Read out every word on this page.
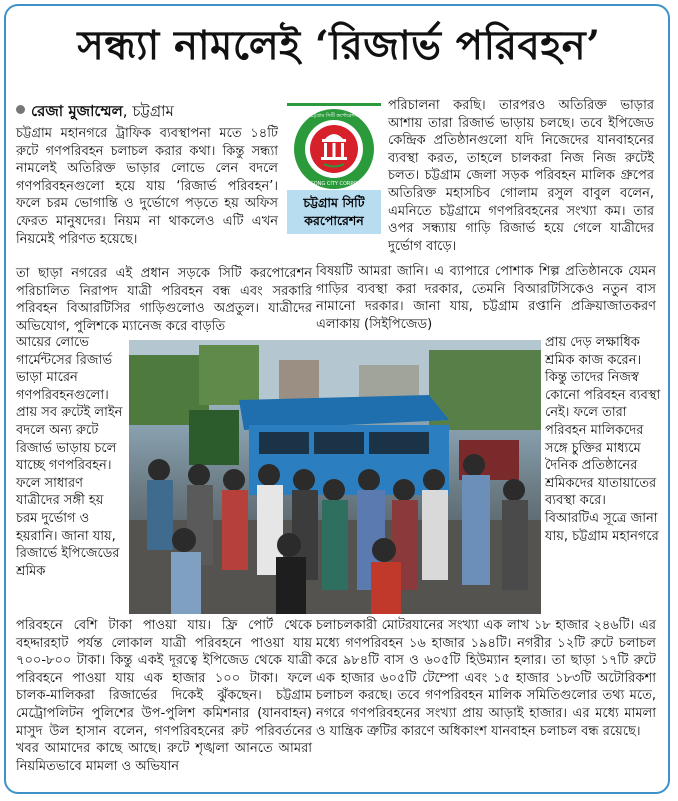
সন্ধ্যা নামলেই ‘রিজার্ভ পরিবহন’
রেজা মুজাম্মেল, চট্টগ্রাম
চট্টগ্রাম মহানগরে ট্রাফিক ব্যবস্থাপনা মতে ১৪টি রুটে গণপরিবহন চলাচল করার কথা। কিন্তু সন্ধ্যা নামলেই অতিরিক্ত ভাড়ার লোভে লেন বদলে গণপরিবহনগুলো হয়ে যায় ‘রিজার্ভ পরিবহন’। ফলে চরম ভোগান্তি ও দুর্ভোগে পড়তে হয় অফিস ফেরত মানুষদের। নিয়ম না থাকলেও এটি এখন নিয়মেই পরিণত হয়েছে।
তা ছাড়া নগরের এই প্রধান সড়কে সিটি করপোরেশন পরিচালিত নিরাপদ যাত্রী পরিবহন বন্ধ এবং সরকারি পরিবহন বিআরটিসির গাড়িগুলোও অপ্রতুল। যাত্রীদের অভিযোগ, পুলিশকে ম্যানেজ করে বাড়তি
CHITTAGONG CITY CORPORATION
চট্টগ্রাম সিটি কর্পোরেশন
চট্টগ্রাম সিটি করপোরেশন
পরিচালনা করছি। তারপরও অতিরিক্ত ভাড়ার আশায় তারা রিজার্ভ ভাড়ায় চলছে। তবে ইপিজেড কেন্দ্রিক প্রতিষ্ঠানগুলো যদি নিজেদের যানবাহনের ব্যবস্থা করত, তাহলে চালকরা নিজ নিজ রুটেই চলত। চট্টগ্রাম জেলা সড়ক পরিবহন মালিক গ্রুপের অতিরিক্ত মহাসচিব গোলাম রসুল বাবুল বলেন, এমনিতে চট্টগ্রামে গণপরিবহনের সংখ্যা কম। তার ওপর সন্ধ্যায় গাড়ি রিজার্ভ হয়ে গেলে যাত্রীদের দুর্ভোগ বাড়ে।
বিষয়টি আমরা জানি। এ ব্যাপারে পোশাক শিল্প প্রতিষ্ঠানকে যেমন গাড়ির ব্যবস্থা করা দরকার, তেমনি বিআরটিসিকেও নতুন বাস নামানো দরকার। জানা যায়, চট্টগ্রাম রপ্তানি প্রক্রিয়াজাতকরণ এলাকায় (সিইপিজেড)
আয়ের লোভে গার্মেন্টসের রিজার্ভ ভাড়া মারেন গণপরিবহনগুলো। প্রায় সব রুটেই লাইন বদলে অন্য রুটে রিজার্ভ ভাড়ায় চলে যাচ্ছে গণপরিবহন। ফলে সাধারণ যাত্রীদের সঙ্গী হয় চরম দুর্ভোগ ও হয়রানি। জানা যায়, রিজার্ভে ইপিজেডের শ্রমিক
প্রায় দেড় লক্ষাধিক শ্রমিক কাজ করেন। কিন্তু তাদের নিজস্ব কোনো পরিবহন ব্যবস্থা নেই। ফলে তারা পরিবহন মালিকদের সঙ্গে চুক্তির মাধ্যমে দৈনিক প্রতিষ্ঠানের শ্রমিকদের যাতায়াতের ব্যবস্থা করে। বিআরটিএ সূত্রে জানা যায়, চট্টগ্রাম মহানগরে
পরিবহনে বেশি টাকা পাওয়া যায়। ফ্রি পোর্ট থেকে বহদ্দারহাট পর্যন্ত লোকাল যাত্রী পরিবহনে পাওয়া যায় ৭০০-৮০০ টাকা। কিন্তু একই দূরত্বে ইপিজেড থেকে যাত্রী পরিবহনে পাওয়া যায় এক হাজার ১০০ টাকা। ফলে চালক-মালিকরা রিজার্ভের দিকেই ঝুঁকছেন। চট্টগ্রাম মেট্রোপলিটন পুলিশের উপ-পুলিশ কমিশনার (যানবাহন) মাসুদ উল হাসান বলেন, গণপরিবহনের রুট পরিবর্তনের খবর আমাদের কাছে আছে। রুটে শৃঙ্খলা আনতে আমরা নিয়মিতভাবে মামলা ও অভিযান
চলাচলকারী মোটরযানের সংখ্যা এক লাখ ১৮ হাজার ২৪৬টি। এর মধ্যে গণপরিবহন ১৬ হাজার ১৯৪টি। নগরীর ১২টি রুটে চলাচল করে ৯৮৪টি বাস ও ৬০৫টি হিউম্যান হলার। তা ছাড়া ১৭টি রুটে এক হাজার ৬০৫টি টেম্পো এবং ১৫ হাজার ১৮৩টি অটোরিকশা চলাচল করছে। তবে গণপরিবহন মালিক সমিতিগুলোর তথ্য মতে, নগরে গণপরিবহনের সংখ্যা প্রায় আড়াই হাজার। এর মধ্যে মামলা ও যান্ত্রিক ত্রুটির কারণে অধিকাংশ যানবাহন চলাচল বন্ধ রয়েছে।
